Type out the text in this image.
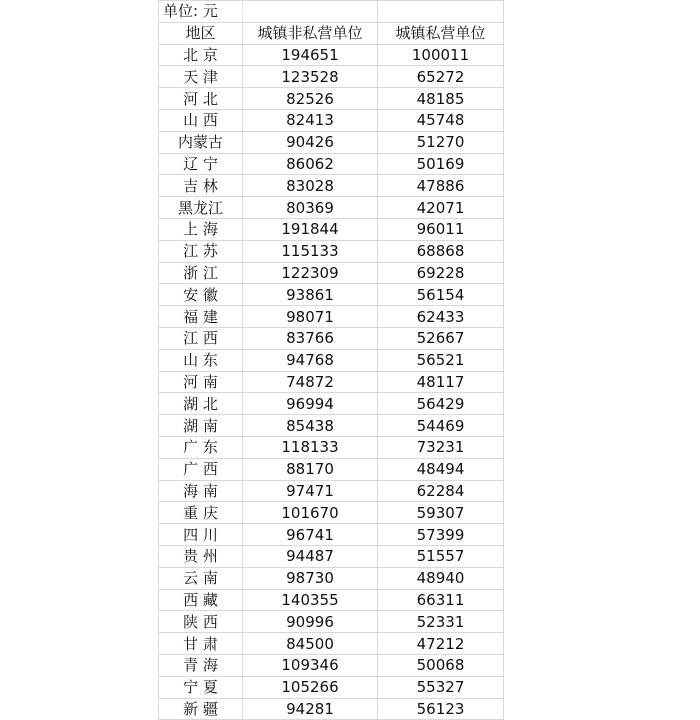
单位: 元		
地区	城镇非私营单位	城镇私营单位
北 京	194651	100011
天 津	123528	65272
河 北	82526	48185
山 西	82413	45748
内蒙古	90426	51270
辽 宁	86062	50169
吉 林	83028	47886
黑龙江	80369	42071
上 海	191844	96011
江 苏	115133	68868
浙 江	122309	69228
安 徽	93861	56154
福 建	98071	62433
江 西	83766	52667
山 东	94768	56521
河 南	74872	48117
湖 北	96994	56429
湖 南	85438	54469
广 东	118133	73231
广 西	88170	48494
海 南	97471	62284
重 庆	101670	59307
四 川	96741	57399
贵 州	94487	51557
云 南	98730	48940
西 藏	140355	66311
陕 西	90996	52331
甘 肃	84500	47212
青 海	109346	50068
宁 夏	105266	55327
新 疆	94281	56123
